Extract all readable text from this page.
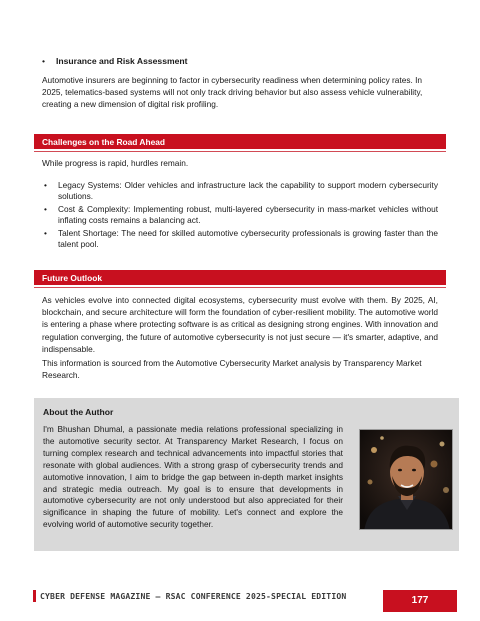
• Insurance and Risk Assessment

Automotive insurers are beginning to factor in cybersecurity readiness when determining policy rates. In 2025, telematics-based systems will not only track driving behavior but also assess vehicle vulnerability, creating a new dimension of digital risk profiling.

Challenges on the Road Ahead

While progress is rapid, hurdles remain.

• Legacy Systems: Older vehicles and infrastructure lack the capability to support modern cybersecurity solutions.
• Cost & Complexity: Implementing robust, multi-layered cybersecurity in mass-market vehicles without inflating costs remains a balancing act.
• Talent Shortage: The need for skilled automotive cybersecurity professionals is growing faster than the talent pool.
Future Outlook

As vehicles evolve into connected digital ecosystems, cybersecurity must evolve with them. By 2025, AI, blockchain, and secure architecture will form the foundation of cyber-resilient mobility. The automotive world is entering a phase where protecting software is as critical as designing strong engines. With innovation and regulation converging, the future of automotive cybersecurity is not just secure — it's smarter, adaptive, and indispensable.

This information is sourced from the Automotive Cybersecurity Market analysis by Transparency Market Research.

About the Author

I'm Bhushan Dhumal, a passionate media relations professional specializing in the automotive security sector. At Transparency Market Research, I focus on turning complex research and technical advancements into impactful stories that resonate with global audiences. With a strong grasp of cybersecurity trends and automotive innovation, I aim to bridge the gap between in-depth market insights and strategic media outreach. My goal is to ensure that developments in automotive cybersecurity are not only understood but also appreciated for their significance in shaping the future of mobility. Let's connect and explore the evolving world of automotive security together.

CYBER DEFENSE MAGAZINE – RSAC CONFERENCE 2025-SPECIAL EDITION	177
